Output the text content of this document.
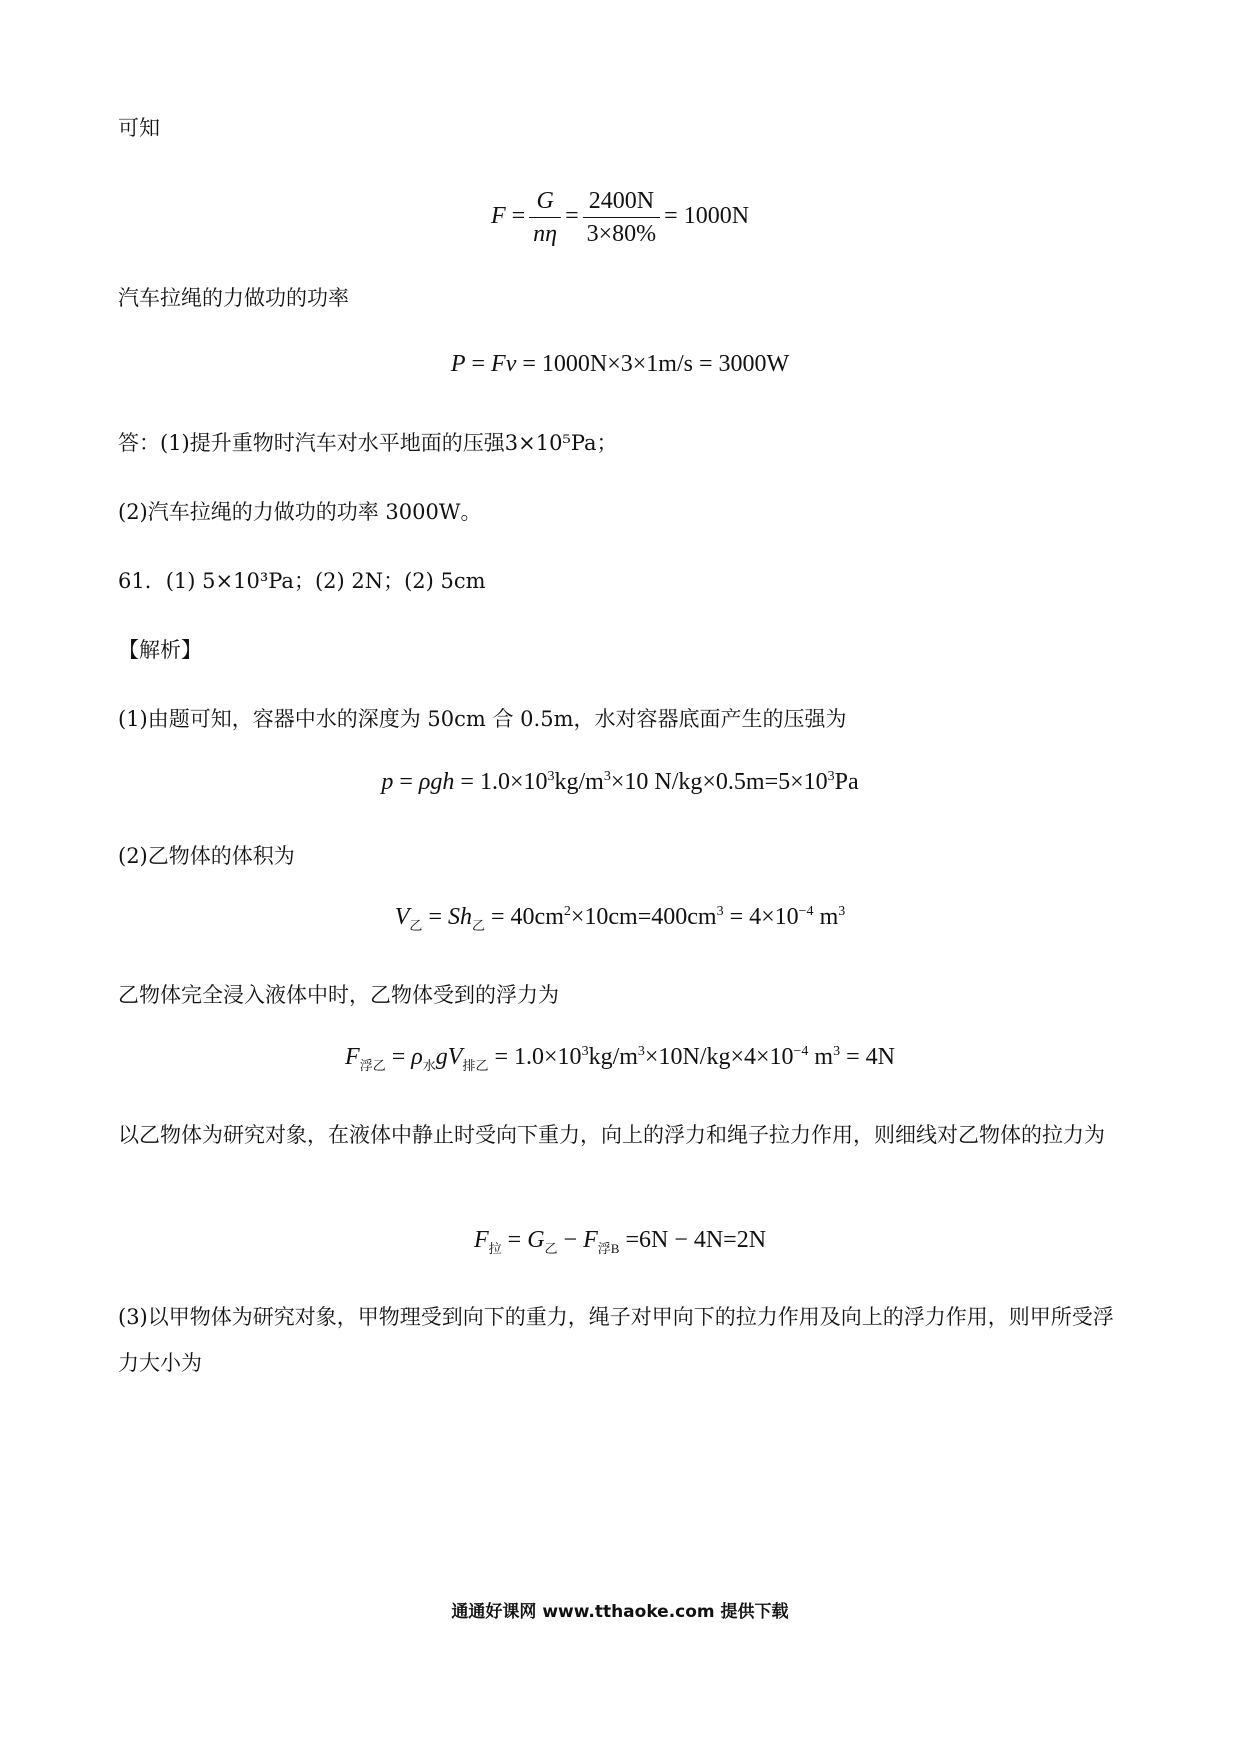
可知
$F = \frac{G}{n\eta} = \frac{2400N}{3\times 80\%} = 1000N$
汽车拉绳的力做功的功率
P = Fv = 1000N×3×1m/s = 3000W
答：(1)提升重物时汽车对水平地面的压强3×10⁵Pa；
(2)汽车拉绳的力做功的功率 3000W。
61．(1) 5×10³Pa；(2) 2N；(2) 5cm
【解析】
(1)由题可知，容器中水的深度为 50cm 合 0.5m，水对容器底面产生的压强为
$p = \rho gh = 1.0\times 10^3kg/m^3\times 10$ $N/kg\times 0.5m=5\times 10^3Pa$
(2)乙物体的体积为
$V_乙 = Sh_乙 = 40cm^2\times 10cm=400cm^3 = 4\times 10^{-4}$ $m^3$
乙物体完全浸入液体中时，乙物体受到的浮力为
$F_{浮乙} = \rho_水gV_{排乙} = 1.0\times 10^3kg/m^3\times 10N/kg\times 4\times 10^{-4}$ $m^3 = 4N$
以乙物体为研究对象，在液体中静止时受向下重力，向上的浮力和绳子拉力作用，则细线对乙物体的拉力为
$F_拉 = G_乙 - F_{浮B} =6N - 4N=2N$
(3)以甲物体为研究对象，甲物理受到向下的重力，绳子对甲向下的拉力作用及向上的浮力作用，则甲所受浮力大小为
通通好课网 www.tthaoke.com 提供下载
